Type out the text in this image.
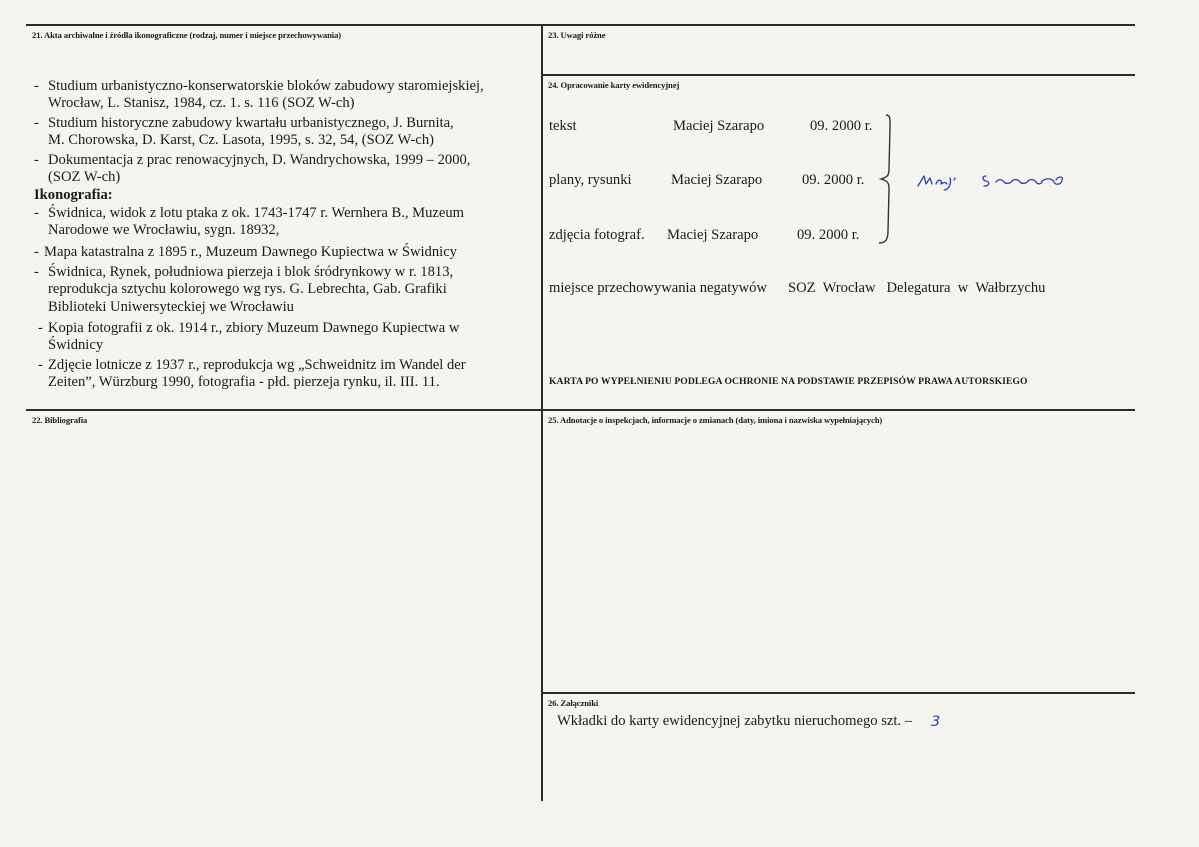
21. Akta archiwalne i źródła ikonograficzne (rodzaj, numer i miejsce przechowywania)
- Studium urbanistyczno-konserwatorskie bloków zabudowy staromiejskiej,
Wrocław, L. Stanisz, 1984, cz. 1. s. 116 (SOZ W-ch)
- Studium historyczne zabudowy kwartału urbanistycznego, J. Burnita,
M. Chorowska, D. Karst, Cz. Lasota, 1995, s. 32, 54, (SOZ W-ch)
- Dokumentacja z prac renowacyjnych, D. Wandrychowska, 1999 – 2000,
(SOZ W-ch)
Ikonografia:
- Świdnica, widok z lotu ptaka z ok. 1743-1747 r. Wernhera B., Muzeum
Narodowe we Wrocławiu, sygn. 18932,
- Mapa katastralna z 1895 r., Muzeum Dawnego Kupiectwa w Świdnicy
- Świdnica, Rynek, południowa pierzeja i blok śródrynkowy w r. 1813,
reprodukcja sztychu kolorowego wg rys. G. Lebrechta, Gab. Grafiki
Biblioteki Uniwersyteckiej we Wrocławiu
- Kopia fotografii z ok. 1914 r., zbiory Muzeum Dawnego Kupiectwa w
Świdnicy
- Zdjęcie lotnicze z 1937 r., reprodukcja wg „Schweidnitz im Wandel der
Zeiten”, Würzburg 1990, fotografia - płd. pierzeja rynku, il. III. 11.
22. Bibliografia
23. Uwagi różne
24. Opracowanie karty ewidencyjnej
tekst	Maciej Szarapo	09. 2000 r.
plany, rysunki	Maciej Szarapo	09. 2000 r.
zdjęcia fotograf. Maciej Szarapo	09. 2000 r.
miejsce przechowywania negatywów SOZ  Wrocław   Delegatura  w  Wałbrzychu
KARTA PO WYPEŁNIENIU PODLEGA OCHRONIE NA PODSTAWIE PRZEPISÓW PRAWA AUTORSKIEGO
25. Adnotacje o inspekcjach, informacje o zmianach (daty, imiona i nazwiska wypełniających)
26. Załączniki
Wkładki do karty ewidencyjnej zabytku nieruchomego szt. – 3
